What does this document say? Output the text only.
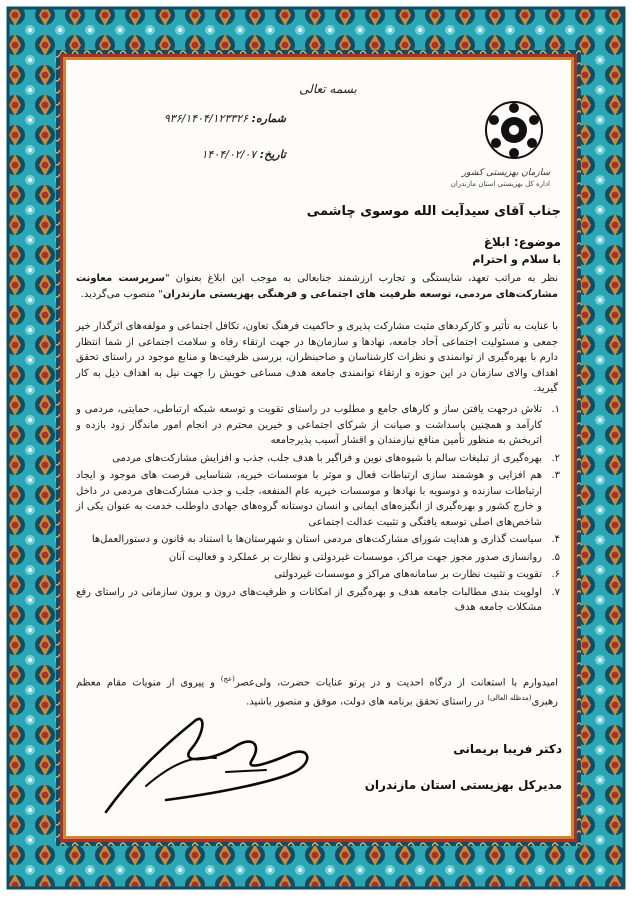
بسمه تعالی
سازمان بهزیستی کشور
اداره کل بهزیستی استان مازندران
شماره: ۹۳۶/۱۴۰۴/۱۲۳۳۲۶
تاریخ: ۱۴۰۴/۰۲/۰۷
جناب آقای سیدآیت الله موسوی چاشمی
موضوع: ابلاغ
با سلام و احترام
نظر به مراتب تعهد، شایستگی و تجارب ارزشمند جنابعالی به موجب این ابلاغ بعنوان "سرپرست معاونت مشارکت‌های مردمی، توسعه ظرفیت های اجتماعی و فرهنگی بهزیستی مازندران" منصوب می‌گردید.
با عنایت به تأثیر و کارکردهای مثبت مشارکت پذیری و حاکمیت فرهنگ تعاون، تکافل اجتماعی و مولفه‌های اثرگذار خیر جمعی و مسئولیت اجتماعی آحاد جامعه، نهادها و سازمان‌ها در جهت ارتقاء رفاه و سلامت اجتماعی از شما انتظار دارم با بهره‌گیری از توانمندی و نظرات کارشناسان و صاحبنظران، بررسی ظرفیت‌ها و منابع موجود در راستای تحقق اهداف والای سازمان در این حوزه و ارتقاء توانمندی جامعه هدف مساعی خویش را جهت نیل به اهداف ذیل به کار گیرید.
۱.
تلاش درجهت یافتن ساز و کارهای جامع و مطلوب در راستای تقویت و توسعه شبکه ارتباطی، حمایتی، مردمی و کارآمد و همچنین پاسداشت و صیانت از شرکای اجتماعی و خیرین محترم در انجام امور ماندگار زود بازده و اثربخش به منظور تأمین منافع نیازمندان و اقشار آسیب پذیرجامعه
۲.
بهره‌گیری از تبلیغات سالم با شیوه‌های نوین و فراگیر با هدف جلب، جذب و افزایش مشارکت‌های مردمی
۳.
هم افزایی و هوشمند سازی ارتباطات فعال و موثر با موسسات خیریه، شناسایی فرصت های موجود و ایجاد ارتباطات سازنده و دوسویه با نهادها و موسسات خیریه عام المنفعه، جلب و جذب مشارکت‌های مردمی در داخل و خارج کشور و بهره‌گیری از انگیزه‌های ایمانی و انسان دوستانه گروه‌های جهادی داوطلب خدمت به عنوان یکی از شاخص‌های اصلی توسعه یافتگی و تثبیت عدالت اجتماعی
۴.
سیاست گذاری و هدایت شورای مشارکت‌های مردمی استان و شهرستان‌ها با استناد به قانون و دستورالعمل‌ها
۵.
روانسازی صدور مجوز جهت مراکز، موسسات غیردولتی و نظارت بر عملکرد و فعالیت آنان
۶.
تقویت و تثبیت نظارت بر سامانه‌های مراکز و موسسات غیردولتی
۷.
اولویت بندی مطالبات جامعه هدف و بهره‌گیری از امکانات و ظرفیت‌های درون و برون سازمانی در راستای رفع مشکلات جامعه هدف
امیدوارم با استعانت از درگاه احدیت و در پرتو عنایات حضرت، ولی‌عصر$^{(عج)}$ و پیروی از منویات مقام معظم رهبری$^{(مدظله العالی)}$ در راستای تحقق برنامه های دولت، موفق و منصور باشید.
دکتر فریبا بریمانی
مدیرکل بهزیستی استان مازندران
